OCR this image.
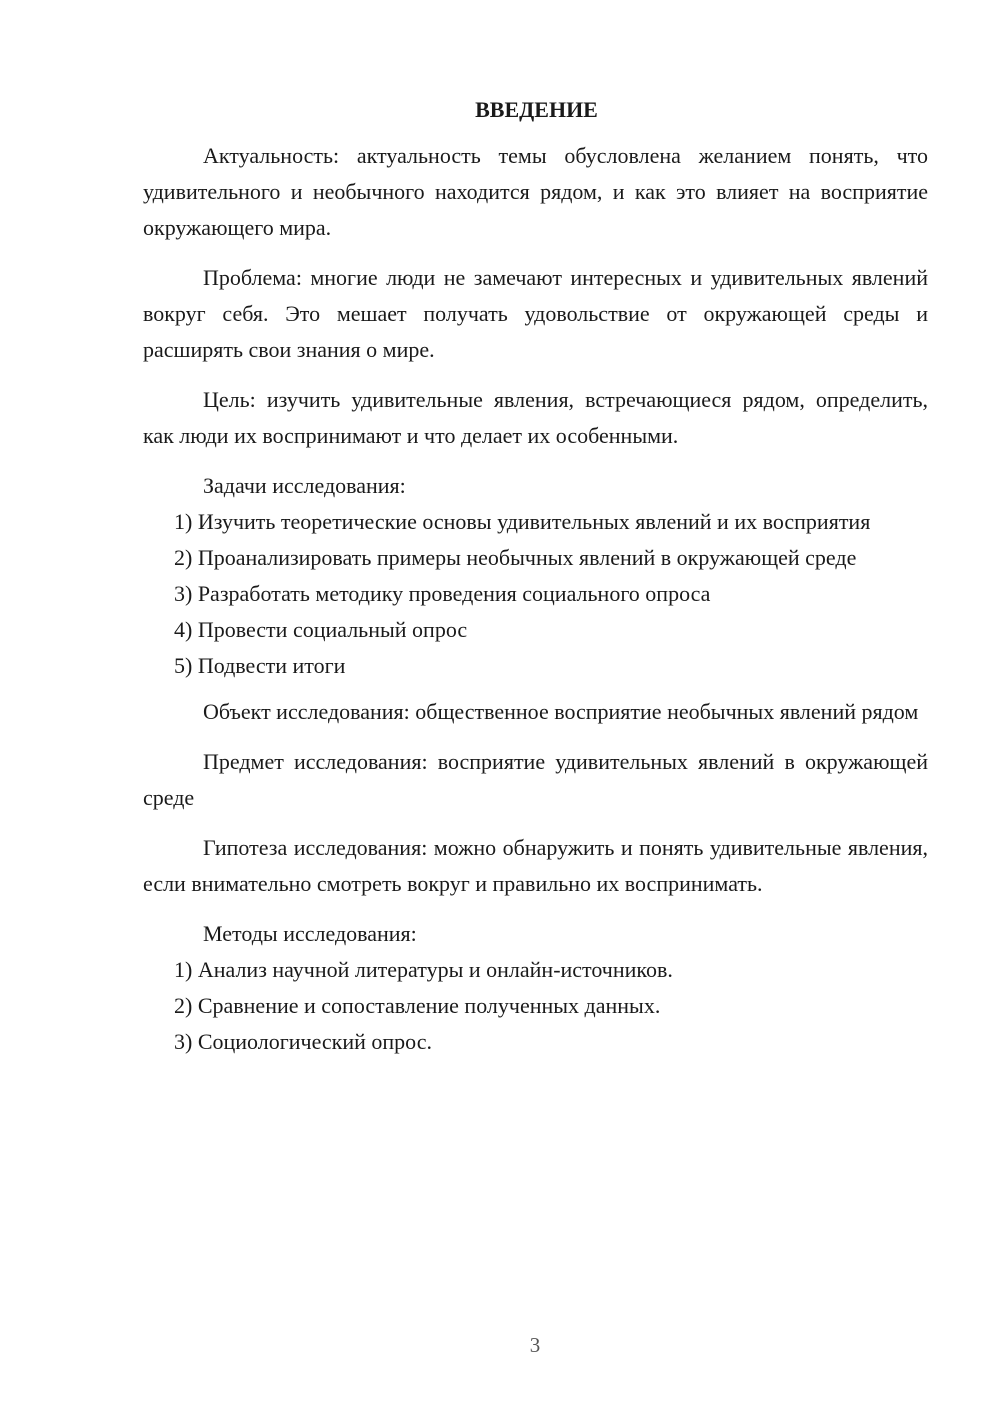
ВВЕДЕНИЕ

Актуальность: актуальность темы обусловлена желанием понять, что удивительного и необычного находится рядом, и как это влияет на восприятие окружающего мира.

Проблема: многие люди не замечают интересных и удивительных явлений вокруг себя. Это мешает получать удовольствие от окружающей среды и расширять свои знания о мире.

Цель: изучить удивительные явления, встречающиеся рядом, определить, как люди их воспринимают и что делает их особенными.

Задачи исследования:

1) Изучить теоретические основы удивительных явлений и их восприятия

2) Проанализировать примеры необычных явлений в окружающей среде

3) Разработать методику проведения социального опроса

4) Провести социальный опрос

5) Подвести итоги

Объект исследования: общественное восприятие необычных явлений рядом

Предмет исследования: восприятие удивительных явлений в окружающей среде

Гипотеза исследования: можно обнаружить и понять удивительные явления, если внимательно смотреть вокруг и правильно их воспринимать.

Методы исследования:

1) Анализ научной литературы и онлайн-источников.

2) Сравнение и сопоставление полученных данных.

3) Социологический опрос.

3
